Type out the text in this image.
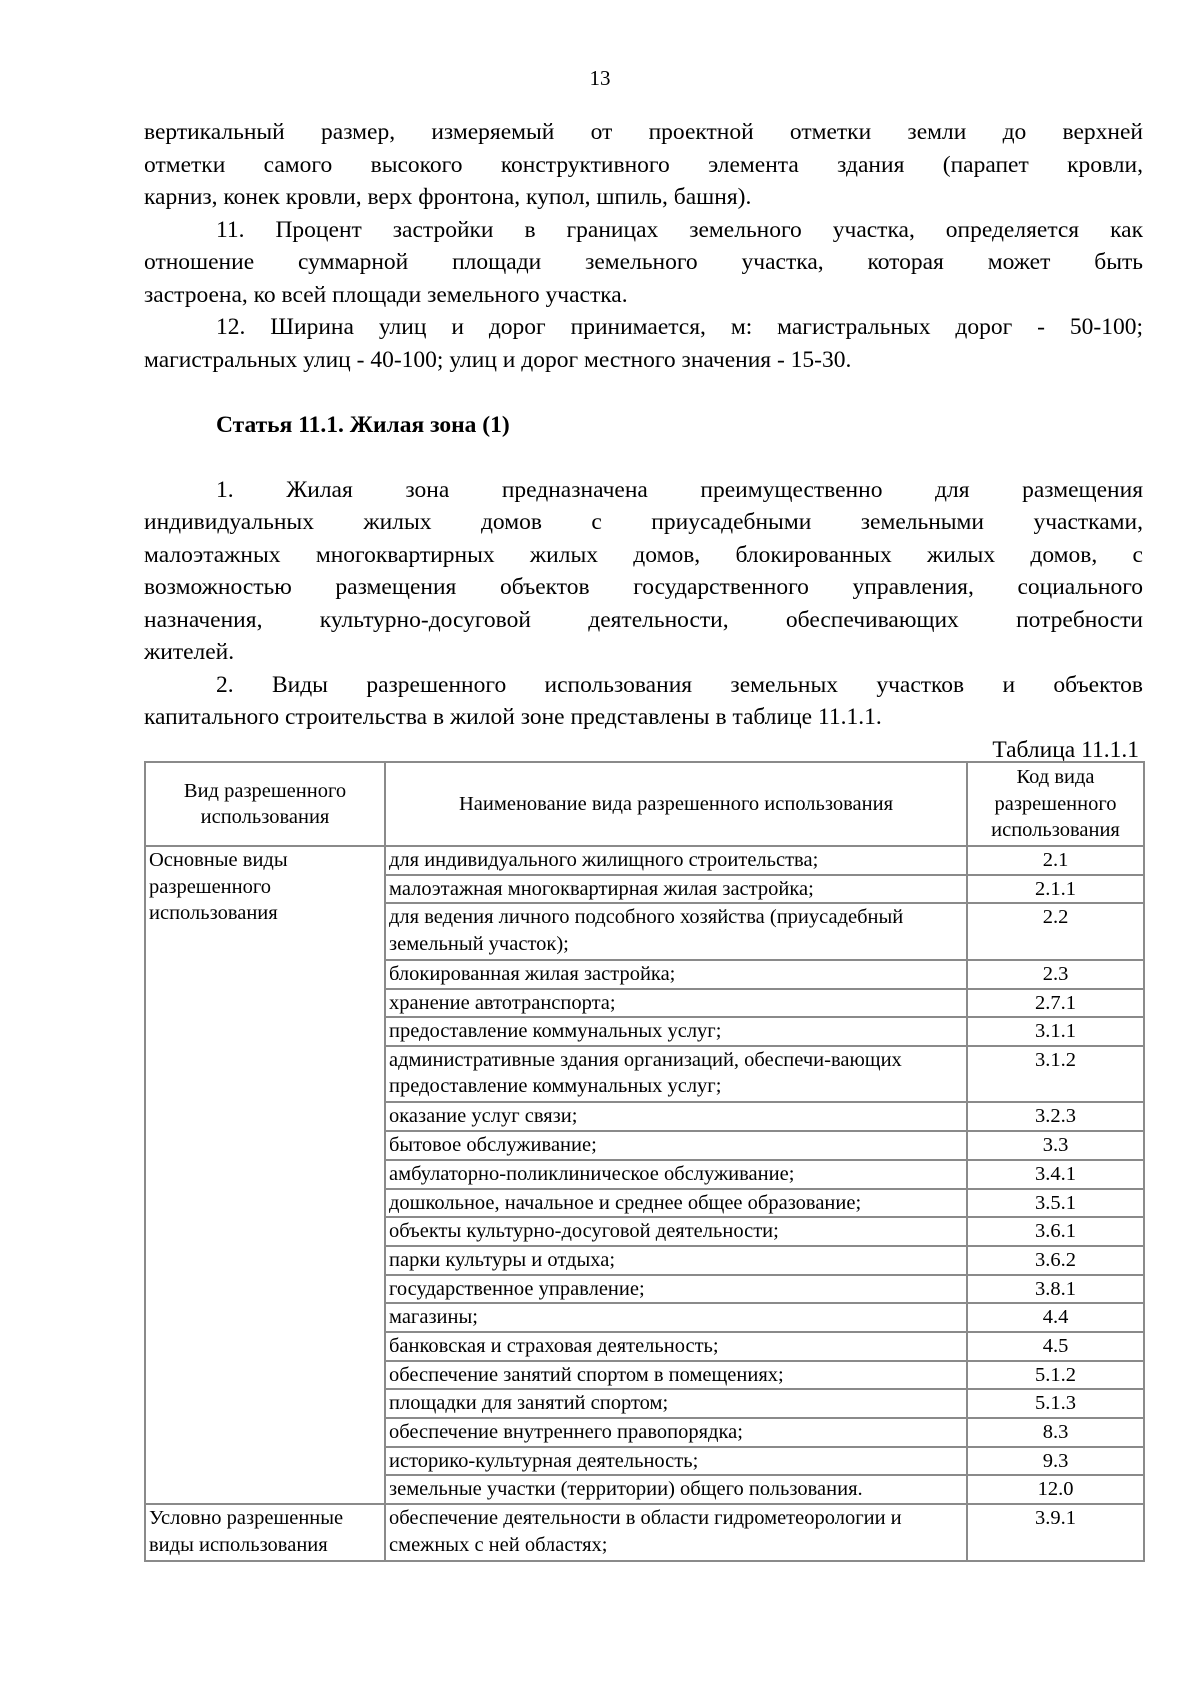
13
вертикальный размер, измеряемый от проектной отметки земли до верхней
отметки самого высокого конструктивного элемента здания (парапет кровли,
карниз, конек кровли, верх фронтона, купол, шпиль, башня).
11. Процент застройки в границах земельного участка, определяется как
отношение суммарной площади земельного участка, которая может быть
застроена, ко всей площади земельного участка.
12. Ширина улиц и дорог принимается, м: магистральных дорог - 50-100;
магистральных улиц - 40-100; улиц и дорог местного значения - 15-30.
Статья 11.1. Жилая зона (1)
1. Жилая зона предназначена преимущественно для размещения
индивидуальных жилых домов с приусадебными земельными участками,
малоэтажных многоквартирных жилых домов, блокированных жилых домов, с
возможностью размещения объектов государственного управления, социального
назначения, культурно-досуговой деятельности, обеспечивающих потребности
жителей.
2. Виды разрешенного использования земельных участков и объектов
капитального строительства в жилой зоне представлены в таблице 11.1.1.
Таблица 11.1.1
Вид разрешенного использования	Наименование вида разрешенного использования	Код вида разрешенного использования
Основные виды разрешенного использования	для индивидуального жилищного строительства;	2.1
	малоэтажная многоквартирная жилая застройка;	2.1.1
	для ведения личного подсобного хозяйства (приусадебный земельный участок);	2.2
	блокированная жилая застройка;	2.3
	хранение автотранспорта;	2.7.1
	предоставление коммунальных услуг;	3.1.1
	административные здания организаций, обеспечи-вающих предоставление коммунальных услуг;	3.1.2
	оказание услуг связи;	3.2.3
	бытовое обслуживание;	3.3
	амбулаторно-поликлиническое обслуживание;	3.4.1
	дошкольное, начальное и среднее общее образование;	3.5.1
	объекты культурно-досуговой деятельности;	3.6.1
	парки культуры и отдыха;	3.6.2
	государственное управление;	3.8.1
	магазины;	4.4
	банковская и страховая деятельность;	4.5
	обеспечение занятий спортом в помещениях;	5.1.2
	площадки для занятий спортом;	5.1.3
	обеспечение внутреннего правопорядка;	8.3
	историко-культурная деятельность;	9.3
	земельные участки (территории) общего пользования.	12.0
Условно разрешенные виды использования	обеспечение деятельности в области гидрометеорологии и смежных с ней областях;	3.9.1
